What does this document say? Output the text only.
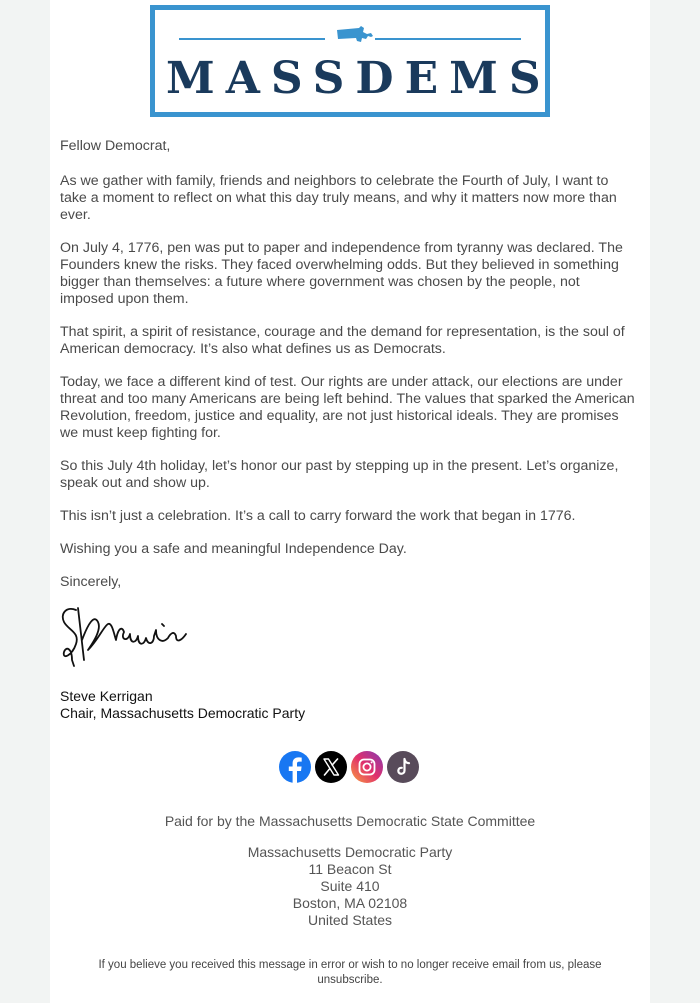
MASSDEMS

Fellow Democrat,

As we gather with family, friends and neighbors to celebrate the Fourth of July, I want to take a moment to reflect on what this day truly means, and why it matters now more than ever.

On July 4, 1776, pen was put to paper and independence from tyranny was declared. The Founders knew the risks. They faced overwhelming odds. But they believed in something bigger than themselves: a future where government was chosen by the people, not imposed upon them.

That spirit, a spirit of resistance, courage and the demand for representation, is the soul of American democracy. It’s also what defines us as Democrats.

Today, we face a different kind of test. Our rights are under attack, our elections are under threat and too many Americans are being left behind. The values that sparked the American Revolution, freedom, justice and equality, are not just historical ideals. They are promises we must keep fighting for.

So this July 4th holiday, let’s honor our past by stepping up in the present. Let’s organize, speak out and show up.

This isn’t just a celebration. It’s a call to carry forward the work that began in 1776.

Wishing you a safe and meaningful Independence Day.

Sincerely,

Steve Kerrigan
Chair, Massachusetts Democratic Party
Paid for by the Massachusetts Democratic State Committee
Massachusetts Democratic Party
11 Beacon St
Suite 410
Boston, MA 02108
United States
If you believe you received this message in error or wish to no longer receive email from us, please unsubscribe.
